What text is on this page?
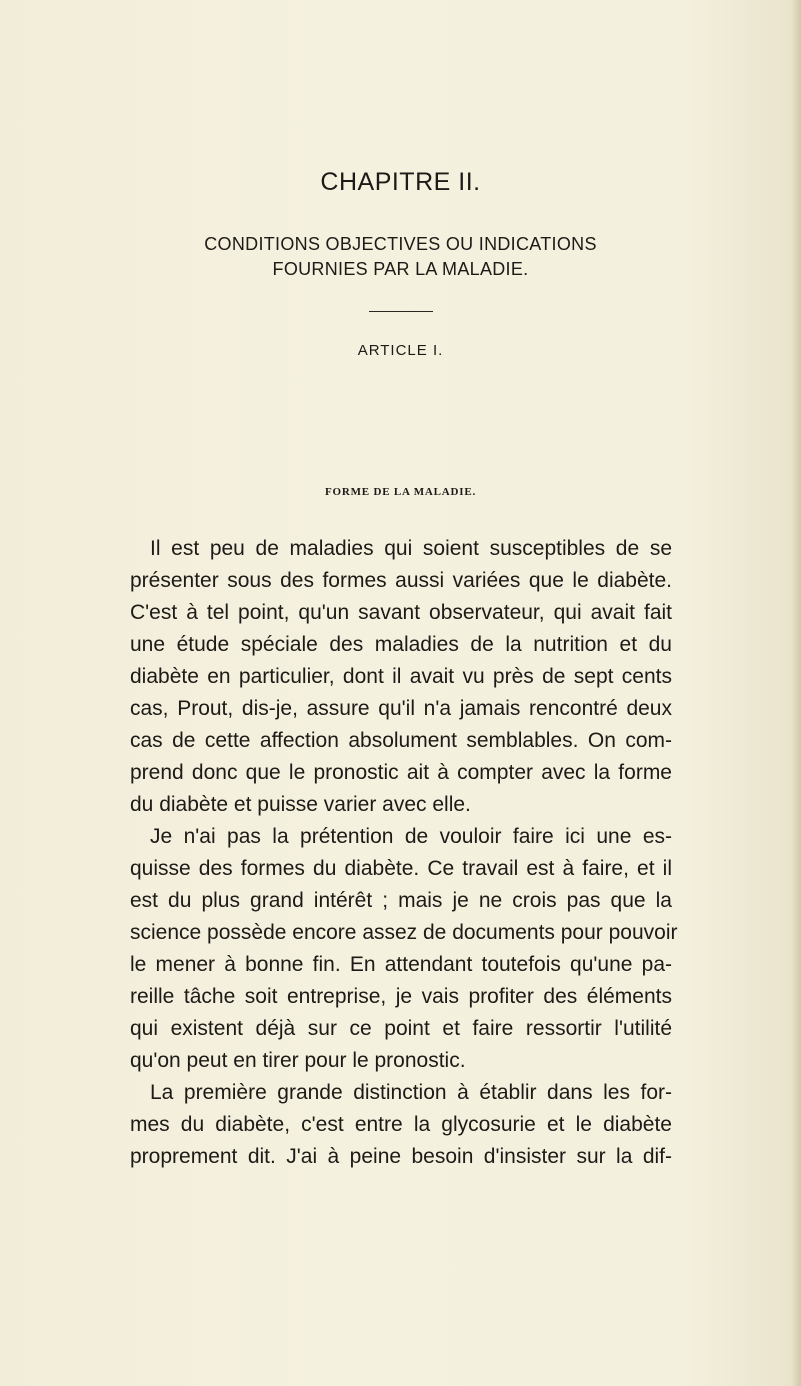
CHAPITRE II.
CONDITIONS OBJECTIVES OU INDICATIONS
FOURNIES PAR LA MALADIE.
ARTICLE I.
FORME DE LA MALADIE.
Il est peu de maladies qui soient susceptibles de se
présenter sous des formes aussi variées que le diabète.
C'est à tel point, qu'un savant observateur, qui avait fait
une étude spéciale des maladies de la nutrition et du
diabète en particulier, dont il avait vu près de sept cents
cas, Prout, dis-je, assure qu'il n'a jamais rencontré deux
cas de cette affection absolument semblables. On com-
prend donc que le pronostic ait à compter avec la forme
du diabète et puisse varier avec elle.
Je n'ai pas la prétention de vouloir faire ici une es-
quisse des formes du diabète. Ce travail est à faire, et il
est du plus grand intérêt ; mais je ne crois pas que la
science possède encore assez de documents pour pouvoir
le mener à bonne fin. En attendant toutefois qu'une pa-
reille tâche soit entreprise, je vais profiter des éléments
qui existent déjà sur ce point et faire ressortir l'utilité
qu'on peut en tirer pour le pronostic.
La première grande distinction à établir dans les for-
mes du diabète, c'est entre la glycosurie et le diabète
proprement dit. J'ai à peine besoin d'insister sur la dif-
